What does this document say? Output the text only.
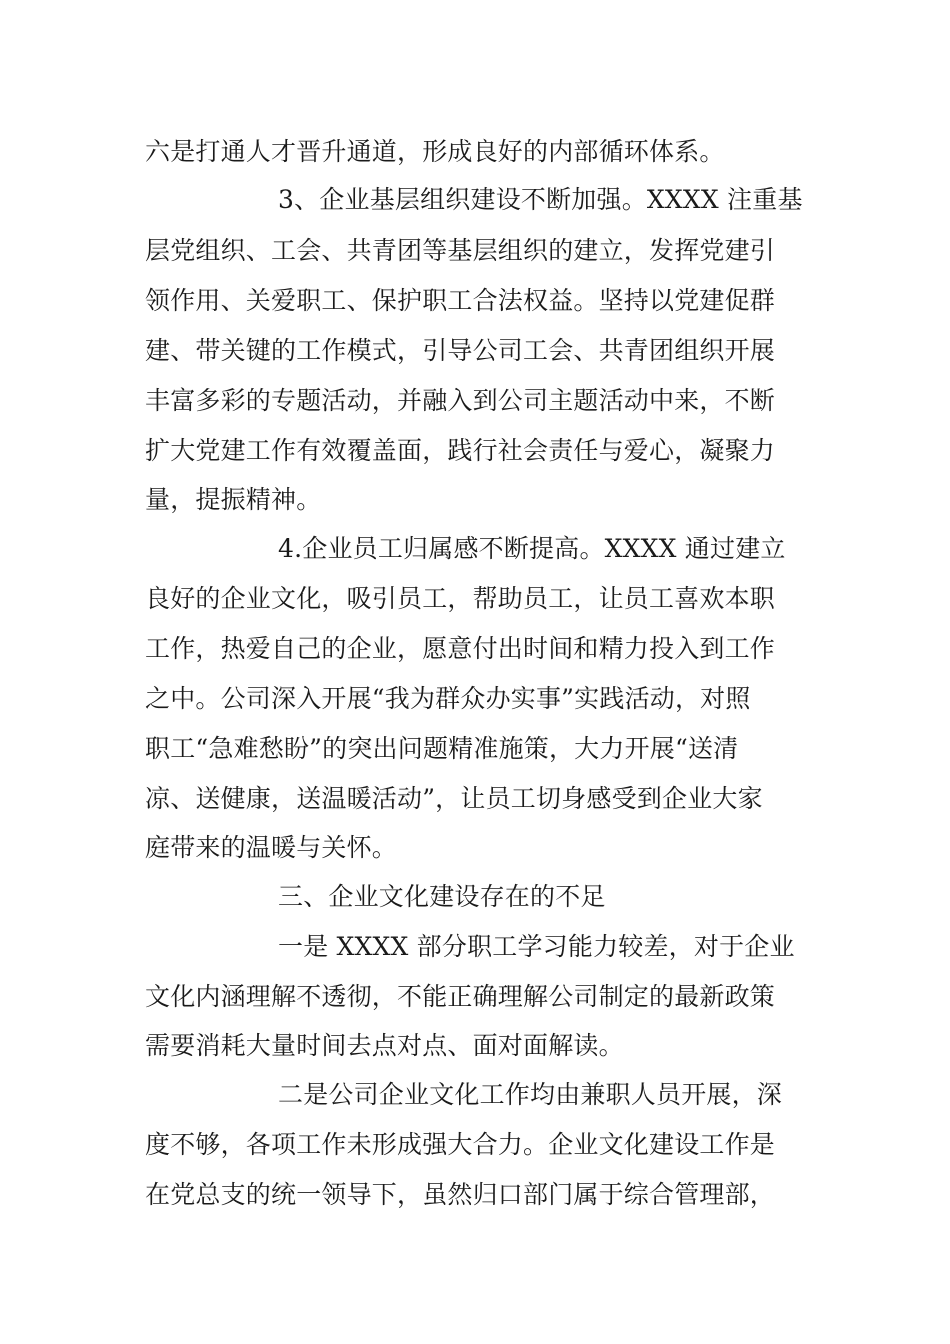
六是打通人才晋升通道，形成良好的内部循环体系。
3、企业基层组织建设不断加强。XXXX 注重基
层党组织、工会、共青团等基层组织的建立，发挥党建引
领作用、关爱职工、保护职工合法权益。坚持以党建促群
建、带关键的工作模式，引导公司工会、共青团组织开展
丰富多彩的专题活动，并融入到公司主题活动中来，不断
扩大党建工作有效覆盖面，践行社会责任与爱心，凝聚力
量，提振精神。
4.企业员工归属感不断提高。XXXX 通过建立
良好的企业文化，吸引员工，帮助员工，让员工喜欢本职
工作，热爱自己的企业，愿意付出时间和精力投入到工作
之中。公司深入开展“我为群众办实事”实践活动，对照
职工“急难愁盼”的突出问题精准施策，大力开展“送清
凉、送健康，送温暖活动”，让员工切身感受到企业大家
庭带来的温暖与关怀。
三、企业文化建设存在的不足
一是 XXXX 部分职工学习能力较差，对于企业
文化内涵理解不透彻，不能正确理解公司制定的最新政策
需要消耗大量时间去点对点、面对面解读。
二是公司企业文化工作均由兼职人员开展，深
度不够，各项工作未形成强大合力。企业文化建设工作是
在党总支的统一领导下，虽然归口部门属于综合管理部，
